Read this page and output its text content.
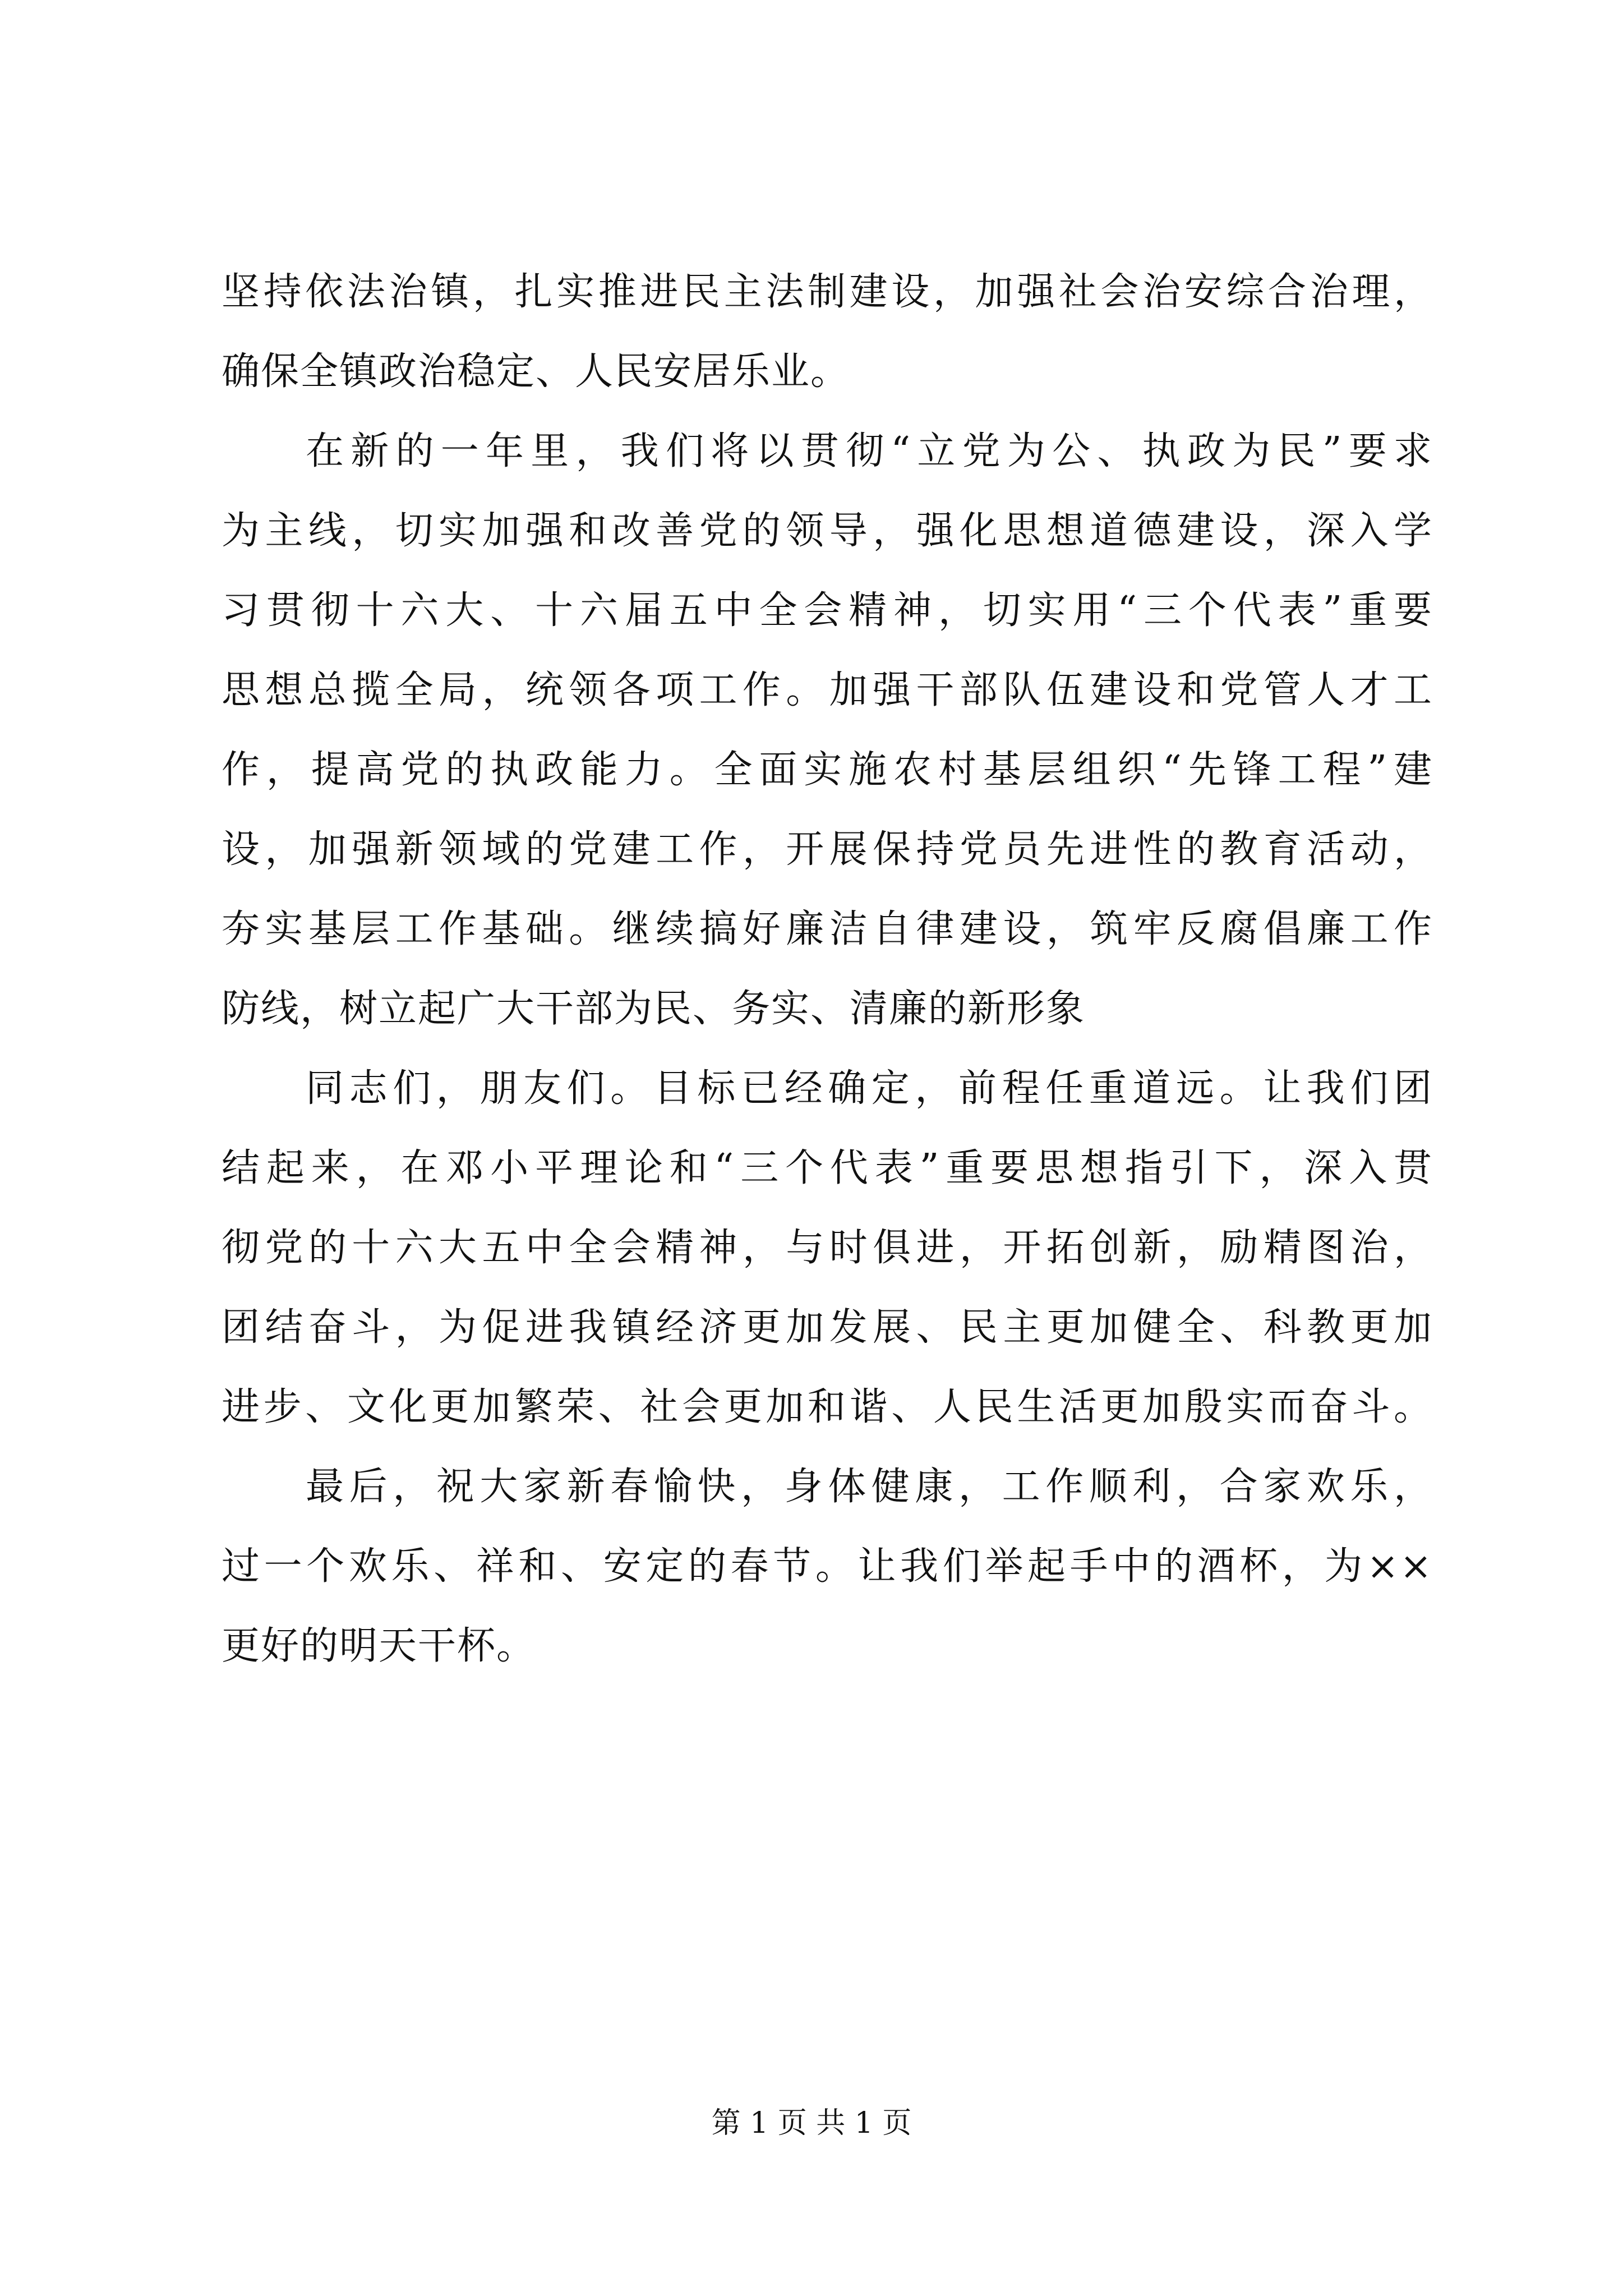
坚持依法治镇，扎实推进民主法制建设，加强社会治安综合治理，
确保全镇政治稳定、人民安居乐业。
在新的一年里，我们将以贯彻“立党为公、执政为民”要求
为主线，切实加强和改善党的领导，强化思想道德建设，深入学
习贯彻十六大、十六届五中全会精神，切实用“三个代表”重要
思想总揽全局，统领各项工作。加强干部队伍建设和党管人才工
作，提高党的执政能力。全面实施农村基层组织“先锋工程”建
设，加强新领域的党建工作，开展保持党员先进性的教育活动，
夯实基层工作基础。继续搞好廉洁自律建设，筑牢反腐倡廉工作
防线，树立起广大干部为民、务实、清廉的新形象
同志们，朋友们。目标已经确定，前程任重道远。让我们团
结起来，在邓小平理论和“三个代表”重要思想指引下，深入贯
彻党的十六大五中全会精神，与时俱进，开拓创新，励精图治，
团结奋斗，为促进我镇经济更加发展、民主更加健全、科教更加
进步、文化更加繁荣、社会更加和谐、人民生活更加殷实而奋斗。
最后，祝大家新春愉快，身体健康，工作顺利，合家欢乐，
过一个欢乐、祥和、安定的春节。让我们举起手中的酒杯，为××
更好的明天干杯。
第 1 页 共 1 页
